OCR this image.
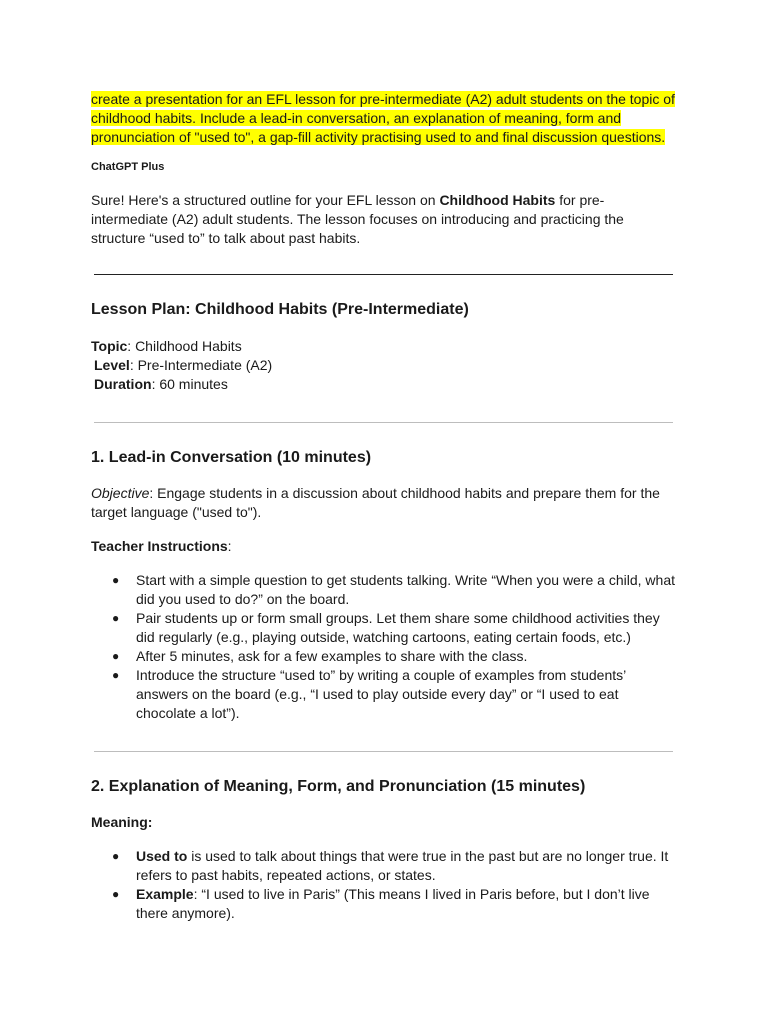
create a presentation for an EFL lesson for pre-intermediate (A2) adult students on the topic of childhood habits. Include a lead-in conversation, an explanation of meaning, form and pronunciation of "used to", a gap-fill activity practising used to and final discussion questions.

ChatGPT Plus
Sure! Here's a structured outline for your EFL lesson on Childhood Habits for pre-intermediate (A2) adult students. The lesson focuses on introducing and practicing the structure “used to” to talk about past habits.
Lesson Plan: Childhood Habits (Pre-Intermediate)
Topic: Childhood Habits
Level: Pre-Intermediate (A2)
Duration: 60 minutes
1. Lead-in Conversation (10 minutes)
Objective: Engage students in a discussion about childhood habits and prepare them for the target language ("used to").
Teacher Instructions:
● Start with a simple question to get students talking. Write “When you were a child, what did you used to do?” on the board.
● Pair students up or form small groups. Let them share some childhood activities they did regularly (e.g., playing outside, watching cartoons, eating certain foods, etc.)
● After 5 minutes, ask for a few examples to share with the class.
● Introduce the structure “used to” by writing a couple of examples from students’ answers on the board (e.g., “I used to play outside every day” or “I used to eat chocolate a lot”).
2. Explanation of Meaning, Form, and Pronunciation (15 minutes)
Meaning:
● Used to is used to talk about things that were true in the past but are no longer true. It refers to past habits, repeated actions, or states.
● Example: “I used to live in Paris” (This means I lived in Paris before, but I don’t live there anymore).
